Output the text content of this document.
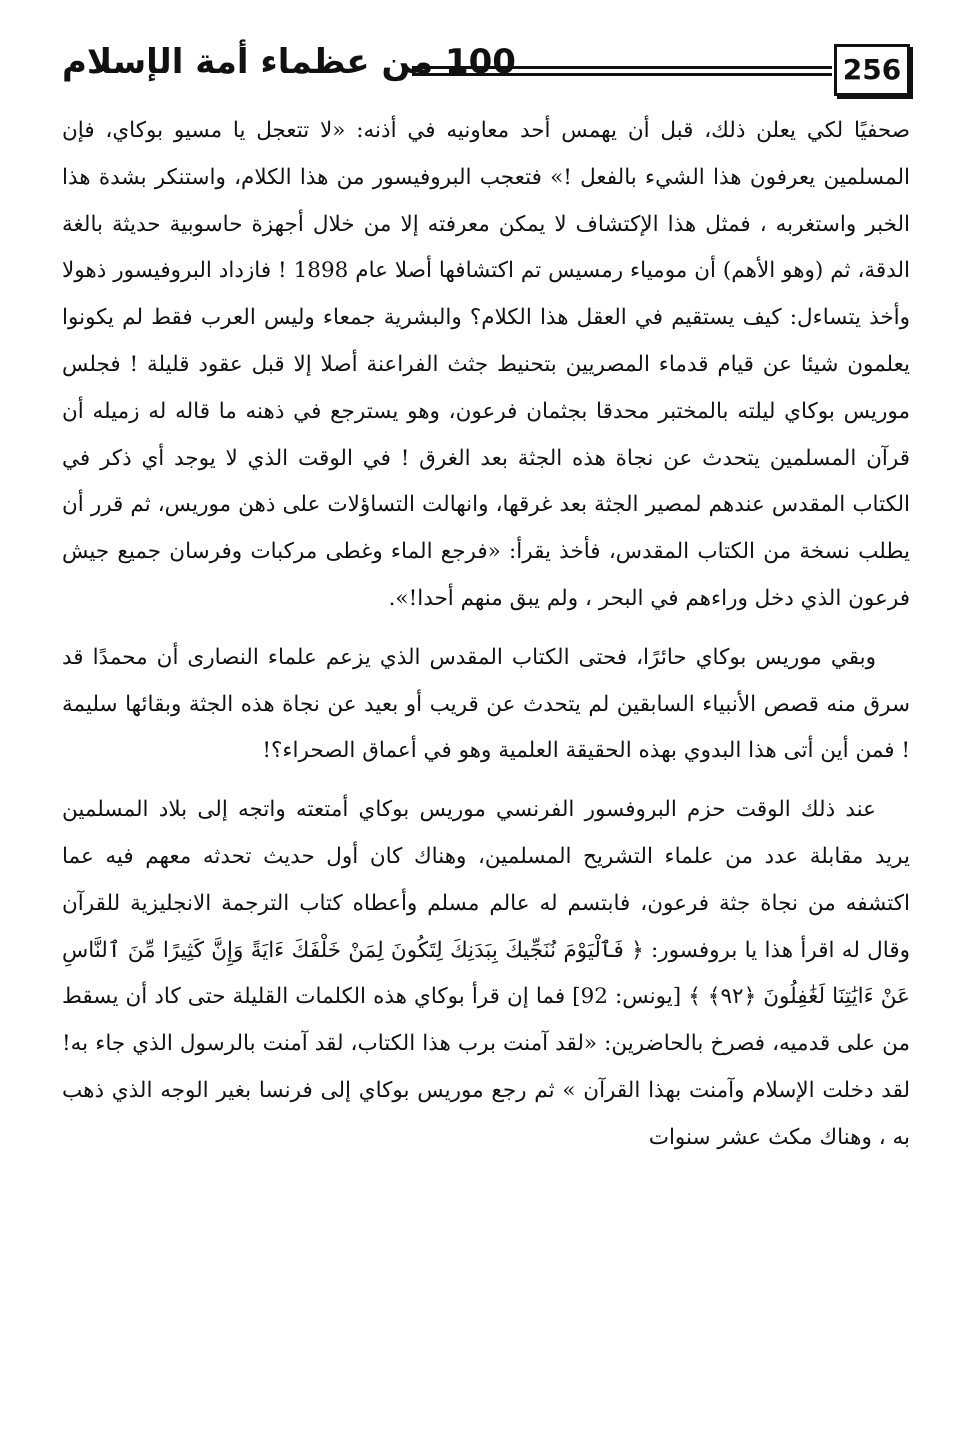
100 من عظماء أمة الإسلام	256

صحفيًا لكي يعلن ذلك، قبل أن يهمس أحد معاونيه في أذنه: «لا تتعجل يا مسيو بوكاي، فإن المسلمين يعرفون هذا الشيء بالفعل !» فتعجب البروفيسور من هذا الكلام، واستنكر بشدة هذا الخبر واستغربه ، فمثل هذا الإكتشاف لا يمكن معرفته إلا من خلال أجهزة حاسوبية حديثة بالغة الدقة، ثم (وهو الأهم) أن مومياء رمسيس تم اكتشافها أصلا عام 1898 ! فازداد البروفيسور ذهولا وأخذ يتساءل: كيف يستقيم في العقل هذا الكلام؟ والبشرية جمعاء وليس العرب فقط لم يكونوا يعلمون شيئا عن قيام قدماء المصريين بتحنيط جثث الفراعنة أصلا إلا قبل عقود قليلة ! فجلس موريس بوكاي ليلته بالمختبر محدقا بجثمان فرعون، وهو يسترجع في ذهنه ما قاله له زميله أن قرآن المسلمين يتحدث عن نجاة هذه الجثة بعد الغرق ! في الوقت الذي لا يوجد أي ذكر في الكتاب المقدس عندهم لمصير الجثة بعد غرقها، وانهالت التساؤلات على ذهن موريس، ثم قرر أن يطلب نسخة من الكتاب المقدس، فأخذ يقرأ: «فرجع الماء وغطى مركبات وفرسان جميع جيش فرعون الذي دخل وراءهم في البحر ، ولم يبق منهم أحدا!».

وبقي موريس بوكاي حائرًا، فحتى الكتاب المقدس الذي يزعم علماء النصارى أن محمدًا قد سرق منه قصص الأنبياء السابقين لم يتحدث عن قريب أو بعيد عن نجاة هذه الجثة وبقائها سليمة ! فمن أين أتى هذا البدوي بهذه الحقيقة العلمية وهو في أعماق الصحراء؟!

عند ذلك الوقت حزم البروفسور الفرنسي موريس بوكاي أمتعته واتجه إلى بلاد المسلمين يريد مقابلة عدد من علماء التشريح المسلمين، وهناك كان أول حديث تحدثه معهم فيه عما اكتشفه من نجاة جثة فرعون، فابتسم له عالم مسلم وأعطاه كتاب الترجمة الانجليزية للقرآن وقال له اقرأ هذا يا بروفسور: ﴿ فَٱلْيَوْمَ نُنَجِّيكَ بِبَدَنِكَ لِتَكُونَ لِمَنْ خَلْفَكَ ءَايَةً وَإِنَّ كَثِيرًا مِّنَ ٱلنَّاسِ عَنْ ءَايَٰتِنَا لَغَٰفِلُونَ ﴿٩٢﴾ ﴾ [يونس: 92] فما إن قرأ بوكاي هذه الكلمات القليلة حتى كاد أن يسقط من على قدميه، فصرخ بالحاضرين: «لقد آمنت برب هذا الكتاب، لقد آمنت بالرسول الذي جاء به! لقد دخلت الإسلام وآمنت بهذا القرآن » ثم رجع موريس بوكاي إلى فرنسا بغير الوجه الذي ذهب به ، وهناك مكث عشر سنوات
